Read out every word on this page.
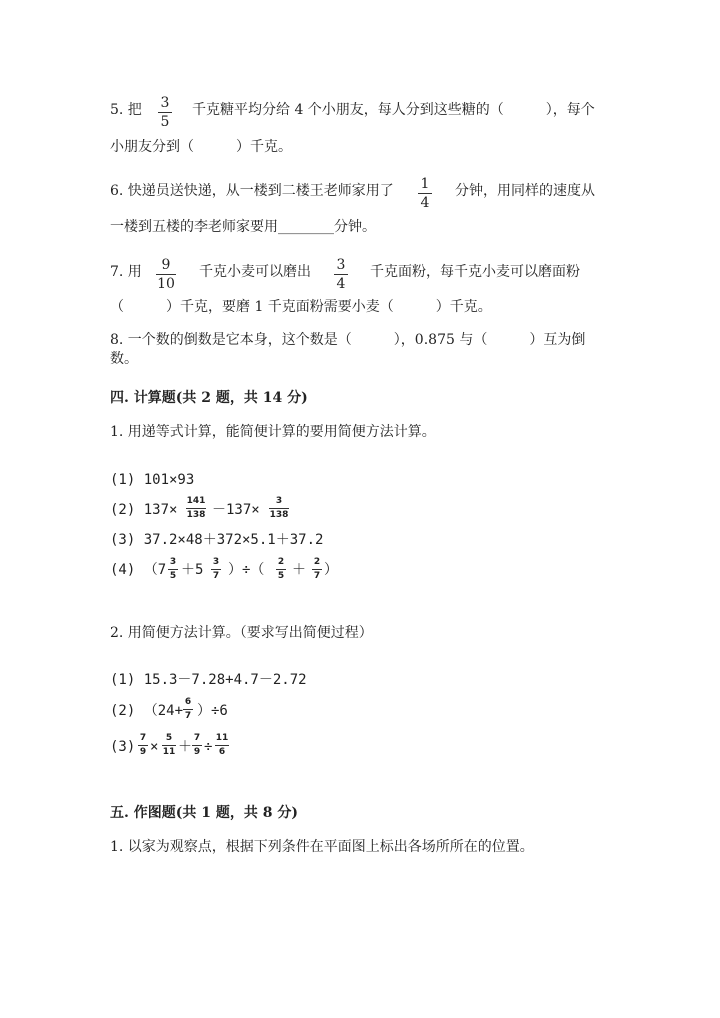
5. 把 3
5
千克糖平均分给 4 个小朋友，每人分到这些糖的（　　　），每个
小朋友分到（　　　）千克。
6. 快递员送快递，从一楼到二楼王老师家用了 1
4
分钟，用同样的速度从
一楼到五楼的李老师家要用________分钟。
7. 用	9
10
千克小麦可以磨出 3
4
千克面粉，每千克小麦可以磨面粉
（　　　）千克，要磨 1 千克面粉需要小麦（　　　）千克。
8. 一个数的倒数是它本身，这个数是（　　　），0.875 与（　　　）互为倒
数。
四. 计算题(共 2 题，共 14 分)
1. 用递等式计算，能简便计算的要用简便方法计算。
(1) 101×93
(2) 137×
141
138 －137×
3
138
(3) 37.2×48＋372×5.1＋37.2
(4) （7 3
5 ＋5 3
7 ）÷（ 2
5 ＋ 2
7 ）
2. 用简便方法计算。（要求写出简便过程）
(1) 15.3－7.28+4.7－2.72
(2) （24+
6
7 ）÷6
(3)
7
9 ×
5
11 ＋
7
9 ÷
11
6
五. 作图题(共 1 题，共 8 分)
1. 以家为观察点，根据下列条件在平面图上标出各场所所在的位置。
